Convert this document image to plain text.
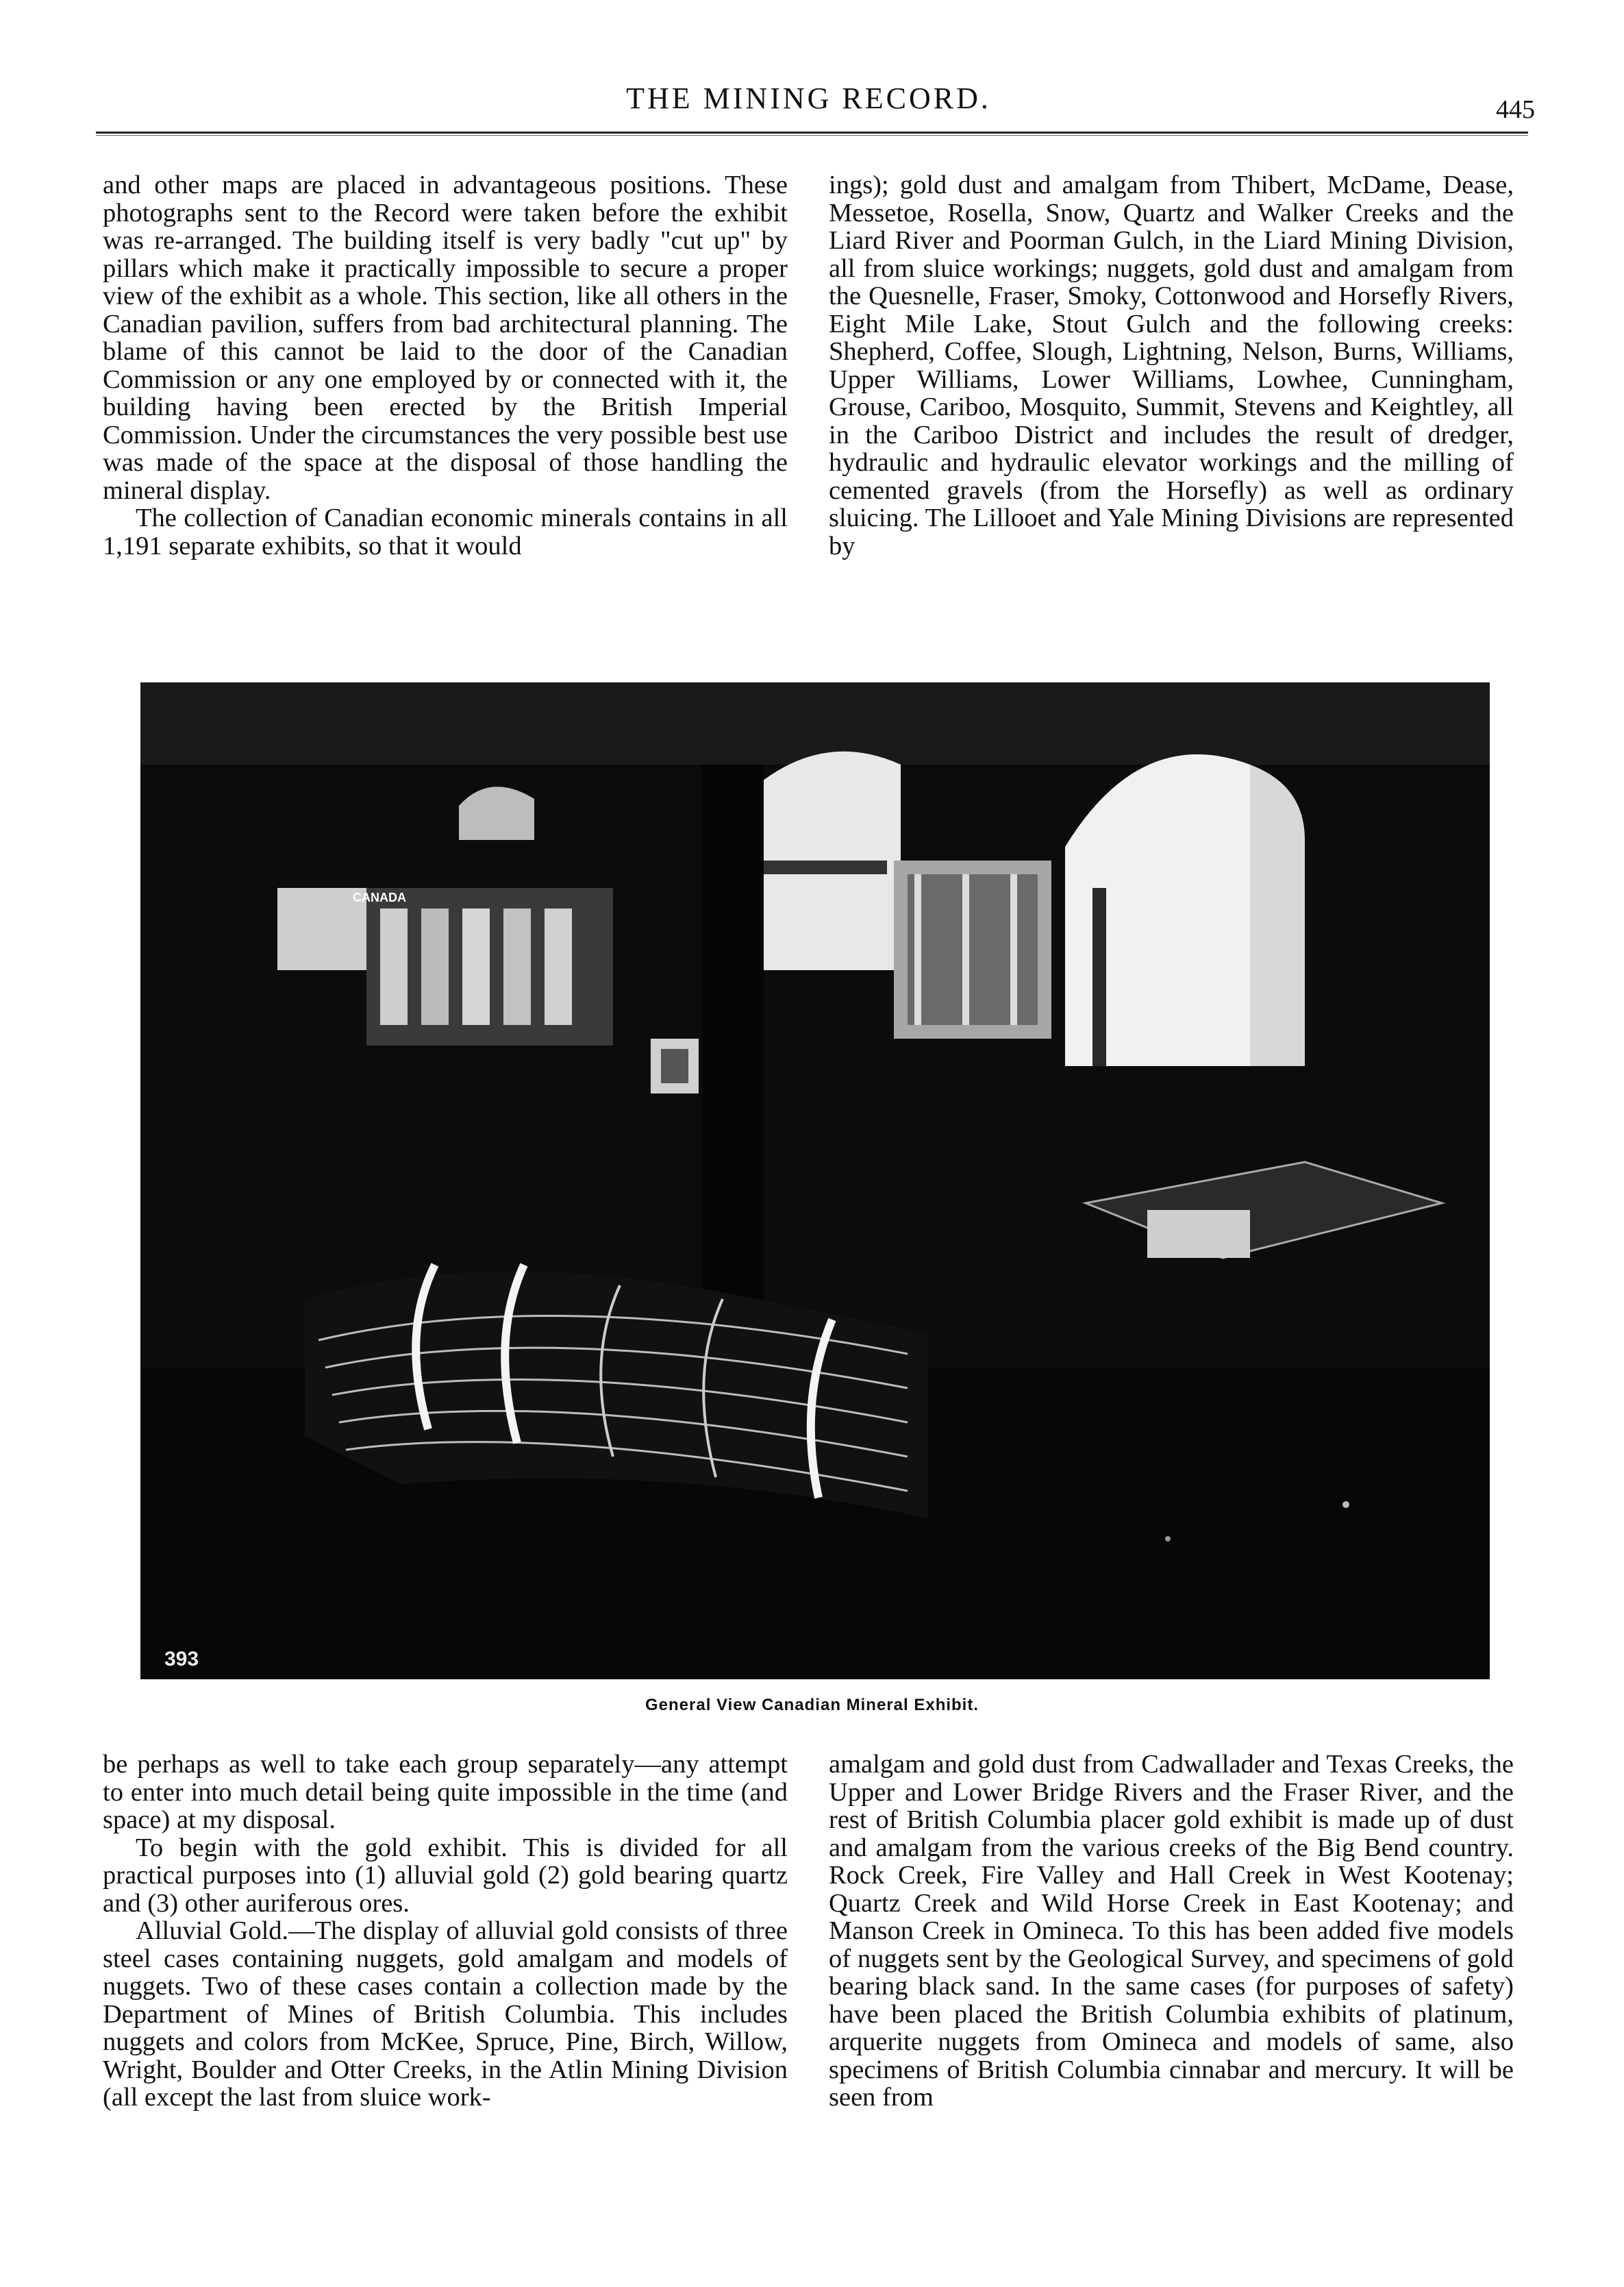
THE MINING RECORD.	445

and other maps are placed in advantageous positions. These photographs sent to the Record were taken before the exhibit was re-arranged. The building itself is very badly "cut up" by pillars which make it practically impossible to secure a proper view of the exhibit as a whole. This section, like all others in the Canadian pavilion, suffers from bad architectural planning. The blame of this cannot be laid to the door of the Canadian Commission or any one employed by or connected with it, the building having been erected by the British Imperial Commission. Under the circumstances the very possible best use was made of the space at the disposal of those handling the mineral display.

The collection of Canadian economic minerals contains in all 1,191 separate exhibits, so that it would

ings); gold dust and amalgam from Thibert, McDame, Dease, Messetoe, Rosella, Snow, Quartz and Walker Creeks and the Liard River and Poorman Gulch, in the Liard Mining Division, all from sluice workings; nuggets, gold dust and amalgam from the Quesnelle, Fraser, Smoky, Cottonwood and Horsefly Rivers, Eight Mile Lake, Stout Gulch and the following creeks: Shepherd, Coffee, Slough, Lightning, Nelson, Burns, Williams, Upper Williams, Lower Williams, Lowhee, Cunningham, Grouse, Cariboo, Mosquito, Summit, Stevens and Keightley, all in the Cariboo District and includes the result of dredger, hydraulic and hydraulic elevator workings and the milling of cemented gravels (from the Horsefly) as well as ordinary sluicing. The Lillooet and Yale Mining Divisions are represented by

CANADA
393
General View Canadian Mineral Exhibit.

be perhaps as well to take each group separately—any attempt to enter into much detail being quite impossible in the time (and space) at my disposal.

To begin with the gold exhibit. This is divided for all practical purposes into (1) alluvial gold (2) gold bearing quartz and (3) other auriferous ores.

Alluvial Gold.—The display of alluvial gold consists of three steel cases containing nuggets, gold amalgam and models of nuggets. Two of these cases contain a collection made by the Department of Mines of British Columbia. This includes nuggets and colors from McKee, Spruce, Pine, Birch, Willow, Wright, Boulder and Otter Creeks, in the Atlin Mining Division (all except the last from sluice work-

amalgam and gold dust from Cadwallader and Texas Creeks, the Upper and Lower Bridge Rivers and the Fraser River, and the rest of British Columbia placer gold exhibit is made up of dust and amalgam from the various creeks of the Big Bend country. Rock Creek, Fire Valley and Hall Creek in West Kootenay; Quartz Creek and Wild Horse Creek in East Kootenay; and Manson Creek in Omineca. To this has been added five models of nuggets sent by the Geological Survey, and specimens of gold bearing black sand. In the same cases (for purposes of safety) have been placed the British Columbia exhibits of platinum, arquerite nuggets from Omineca and models of same, also specimens of British Columbia cinnabar and mercury. It will be seen from
